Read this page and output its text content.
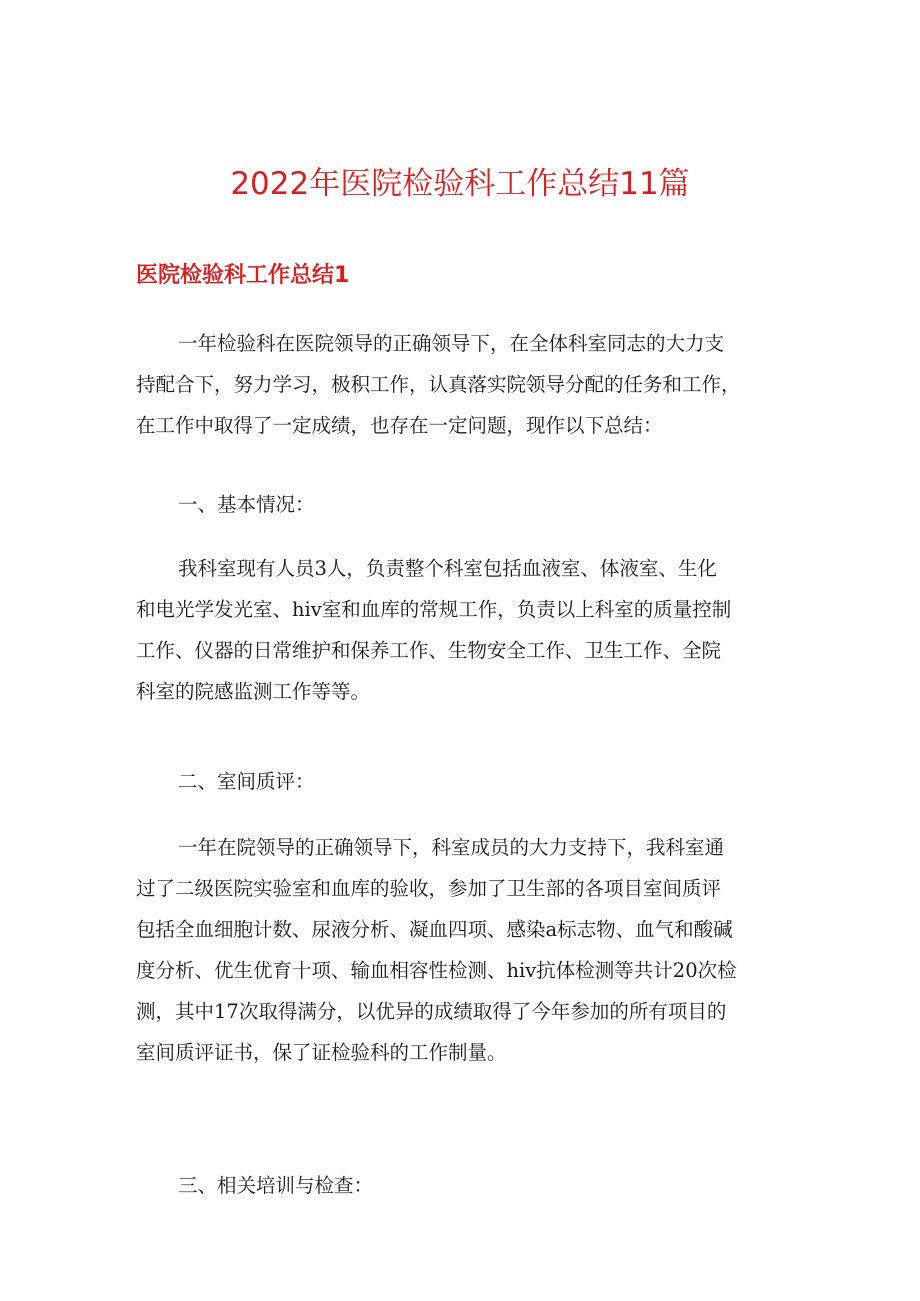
2022年医院检验科工作总结11篇
医院检验科工作总结1
一年检验科在医院领导的正确领导下，在全体科室同志的大力支
持配合下，努力学习，极积工作，认真落实院领导分配的任务和工作，
在工作中取得了一定成绩，也存在一定问题，现作以下总结：
一、基本情况：
我科室现有人员3人，负责整个科室包括血液室、体液室、生化
和电光学发光室、hiv室和血库的常规工作，负责以上科室的质量控制
工作、仪器的日常维护和保养工作、生物安全工作、卫生工作、全院
科室的院感监测工作等等。
二、室间质评：
一年在院领导的正确领导下，科室成员的大力支持下，我科室通
过了二级医院实验室和血库的验收，参加了卫生部的各项目室间质评
包括全血细胞计数、尿液分析、凝血四项、感染a标志物、血气和酸碱
度分析、优生优育十项、输血相容性检测、hiv抗体检测等共计20次检
测，其中17次取得满分，以优异的成绩取得了今年参加的所有项目的
室间质评证书，保了证检验科的工作制量。
三、相关培训与检查：
